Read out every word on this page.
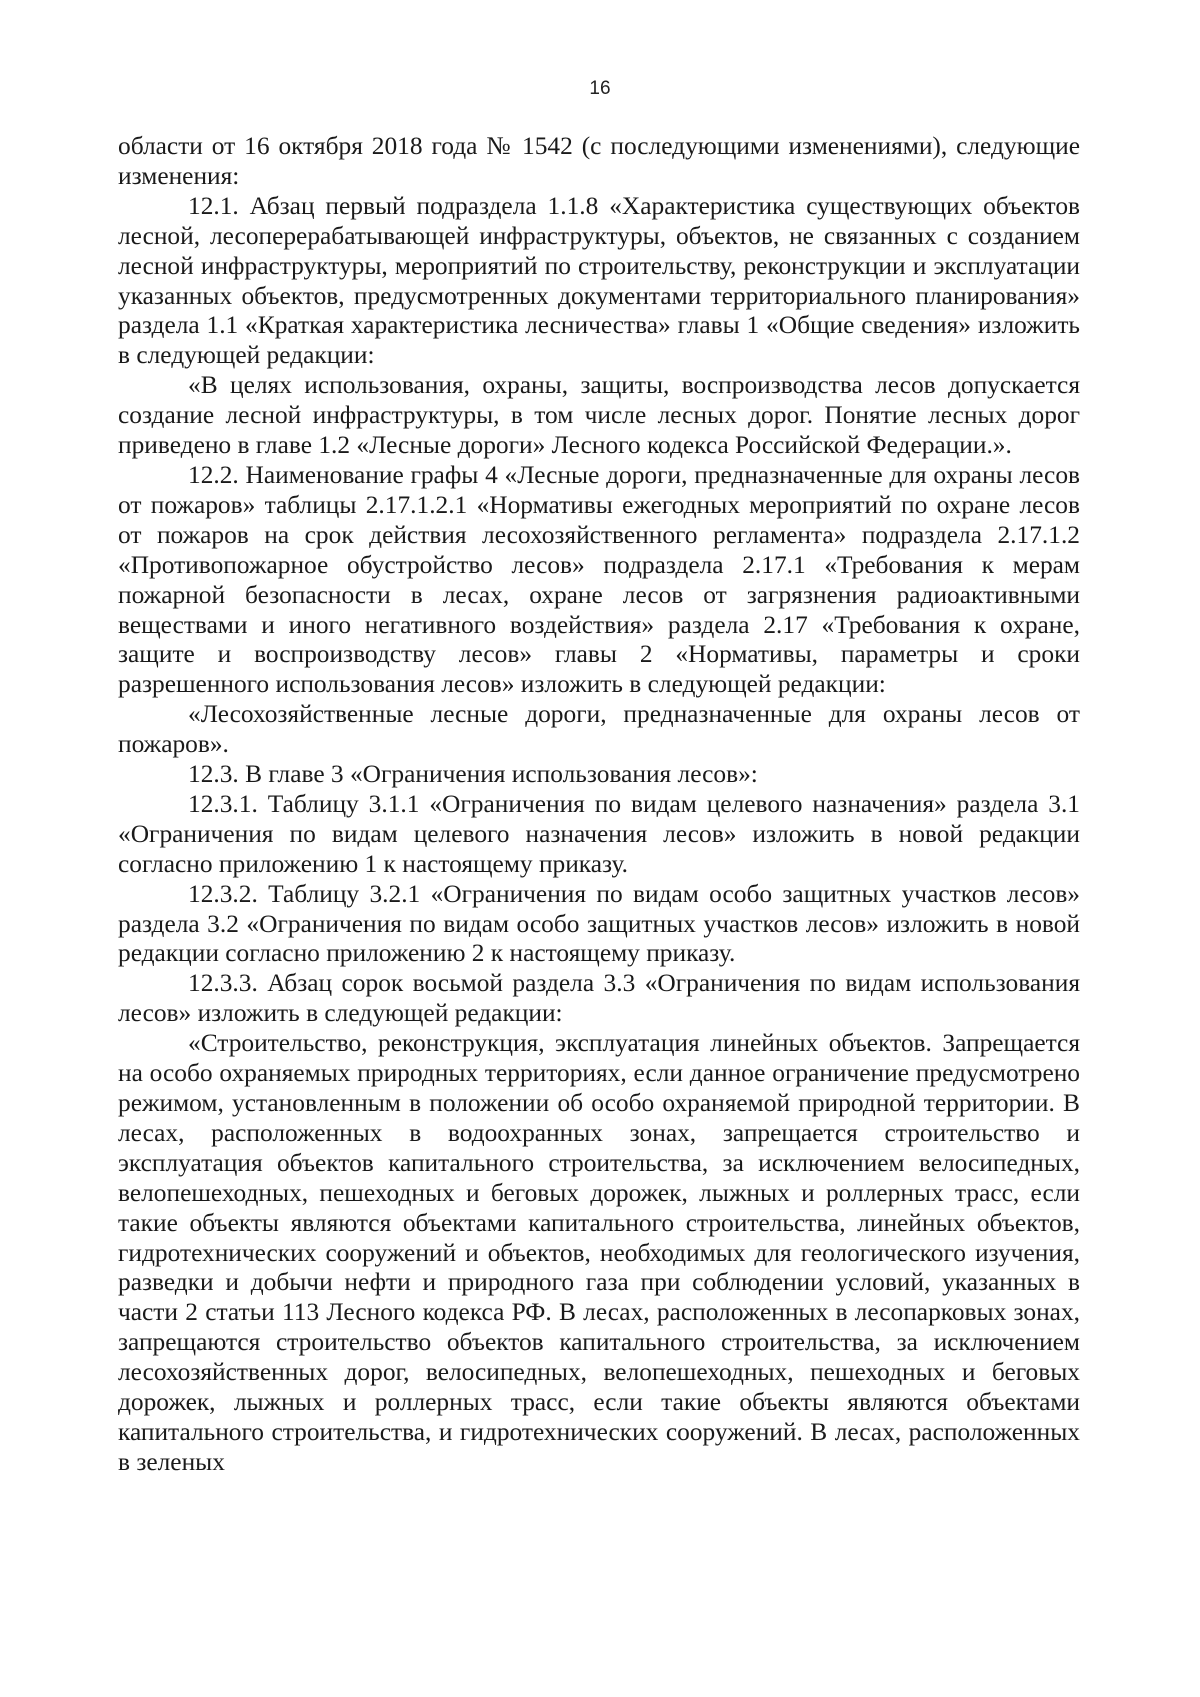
16

области от 16 октября 2018 года № 1542 (с последующими изменениями), следующие изменения:

12.1. Абзац первый подраздела 1.1.8 «Характеристика существующих объектов лесной, лесоперерабатывающей инфраструктуры, объектов, не связанных с созданием лесной инфраструктуры, мероприятий по строительству, реконструкции и эксплуатации указанных объектов, предусмотренных документами территориального планирования» раздела 1.1 «Краткая характеристика лесничества» главы 1 «Общие сведения» изложить в следующей редакции:

«В целях использования, охраны, защиты, воспроизводства лесов допускается создание лесной инфраструктуры, в том числе лесных дорог. Понятие лесных дорог приведено в главе 1.2 «Лесные дороги» Лесного кодекса Российской Федерации.».

12.2. Наименование графы 4 «Лесные дороги, предназначенные для охраны лесов от пожаров» таблицы 2.17.1.2.1 «Нормативы ежегодных мероприятий по охране лесов от пожаров на срок действия лесохозяйственного регламента» подраздела 2.17.1.2 «Противопожарное обустройство лесов» подраздела 2.17.1 «Требования к мерам пожарной безопасности в лесах, охране лесов от загрязнения радиоактивными веществами и иного негативного воздействия» раздела 2.17 «Требования к охране, защите и воспроизводству лесов» главы 2 «Нормативы, параметры и сроки разрешенного использования лесов» изложить в следующей редакции:

«Лесохозяйственные лесные дороги, предназначенные для охраны лесов от пожаров».

12.3. В главе 3 «Ограничения использования лесов»:

12.3.1. Таблицу 3.1.1 «Ограничения по видам целевого назначения» раздела 3.1 «Ограничения по видам целевого назначения лесов» изложить в новой редакции согласно приложению 1 к настоящему приказу.

12.3.2. Таблицу 3.2.1 «Ограничения по видам особо защитных участков лесов» раздела 3.2 «Ограничения по видам особо защитных участков лесов» изложить в новой редакции согласно приложению 2 к настоящему приказу.

12.3.3. Абзац сорок восьмой раздела 3.3 «Ограничения по видам использования лесов» изложить в следующей редакции:

«Строительство, реконструкция, эксплуатация линейных объектов. Запрещается на особо охраняемых природных территориях, если данное ограничение предусмотрено режимом, установленным в положении об особо охраняемой природной территории. В лесах, расположенных в водоохранных зонах, запрещается строительство и эксплуатация объектов капитального строительства, за исключением велосипедных, велопешеходных, пешеходных и беговых дорожек, лыжных и роллерных трасс, если такие объекты являются объектами капитального строительства, линейных объектов, гидротехнических сооружений и объектов, необходимых для геологического изучения, разведки и добычи нефти и природного газа при соблюдении условий, указанных в части 2 статьи 113 Лесного кодекса РФ. В лесах, расположенных в лесопарковых зонах, запрещаются строительство объектов капитального строительства, за исключением лесохозяйственных дорог, велосипедных, велопешеходных, пешеходных и беговых дорожек, лыжных и роллерных трасс, если такие объекты являются объектами капитального строительства, и гидротехнических сооружений. В лесах, расположенных в зеленых
